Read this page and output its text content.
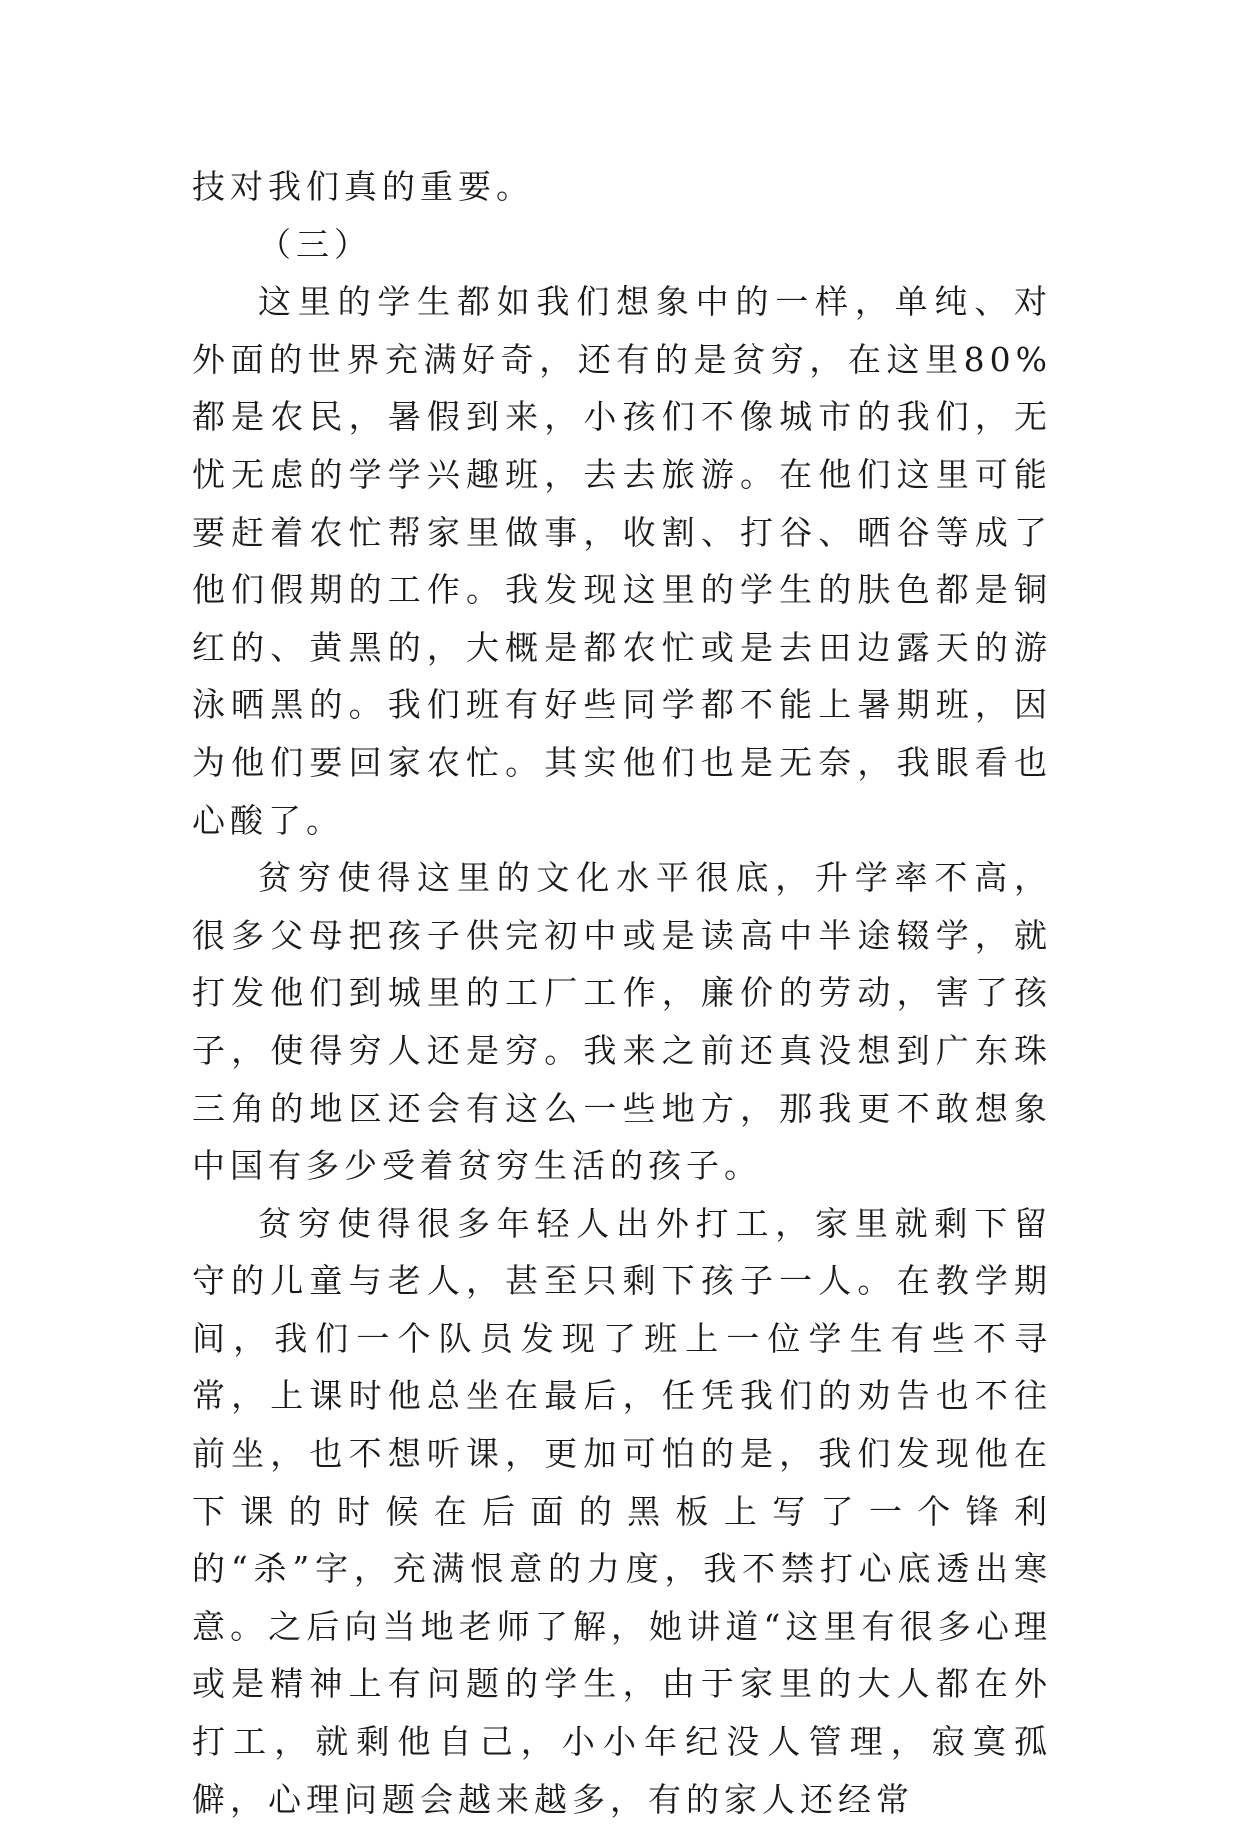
技对我们真的重要。

（三）

这里的学生都如我们想象中的一样，单纯、对外面的世界充满好奇，还有的是贫穷，在这里80%都是农民，暑假到来，小孩们不像城市的我们，无忧无虑的学学兴趣班，去去旅游。在他们这里可能要赶着农忙帮家里做事，收割、打谷、晒谷等成了他们假期的工作。我发现这里的学生的肤色都是铜红的、黄黑的，大概是都农忙或是去田边露天的游泳晒黑的。我们班有好些同学都不能上暑期班，因为他们要回家农忙。其实他们也是无奈，我眼看也心酸了。

贫穷使得这里的文化水平很底，升学率不高，很多父母把孩子供完初中或是读高中半途辍学，就打发他们到城里的工厂工作，廉价的劳动，害了孩子，使得穷人还是穷。我来之前还真没想到广东珠三角的地区还会有这么一些地方，那我更不敢想象中国有多少受着贫穷生活的孩子。

贫穷使得很多年轻人出外打工，家里就剩下留守的儿童与老人，甚至只剩下孩子一人。在教学期间，我们一个队员发现了班上一位学生有些不寻常，上课时他总坐在最后，任凭我们的劝告也不往前坐，也不想听课，更加可怕的是，我们发现他在下课的时候在后面的黑板上写了一个锋利的“杀”字，充满恨意的力度，我不禁打心底透出寒意。之后向当地老师了解，她讲道“这里有很多心理或是精神上有问题的学生，由于家里的大人都在外打工，就剩他自己，小小年纪没人管理，寂寞孤僻，心理问题会越来越多，有的家人还经常
